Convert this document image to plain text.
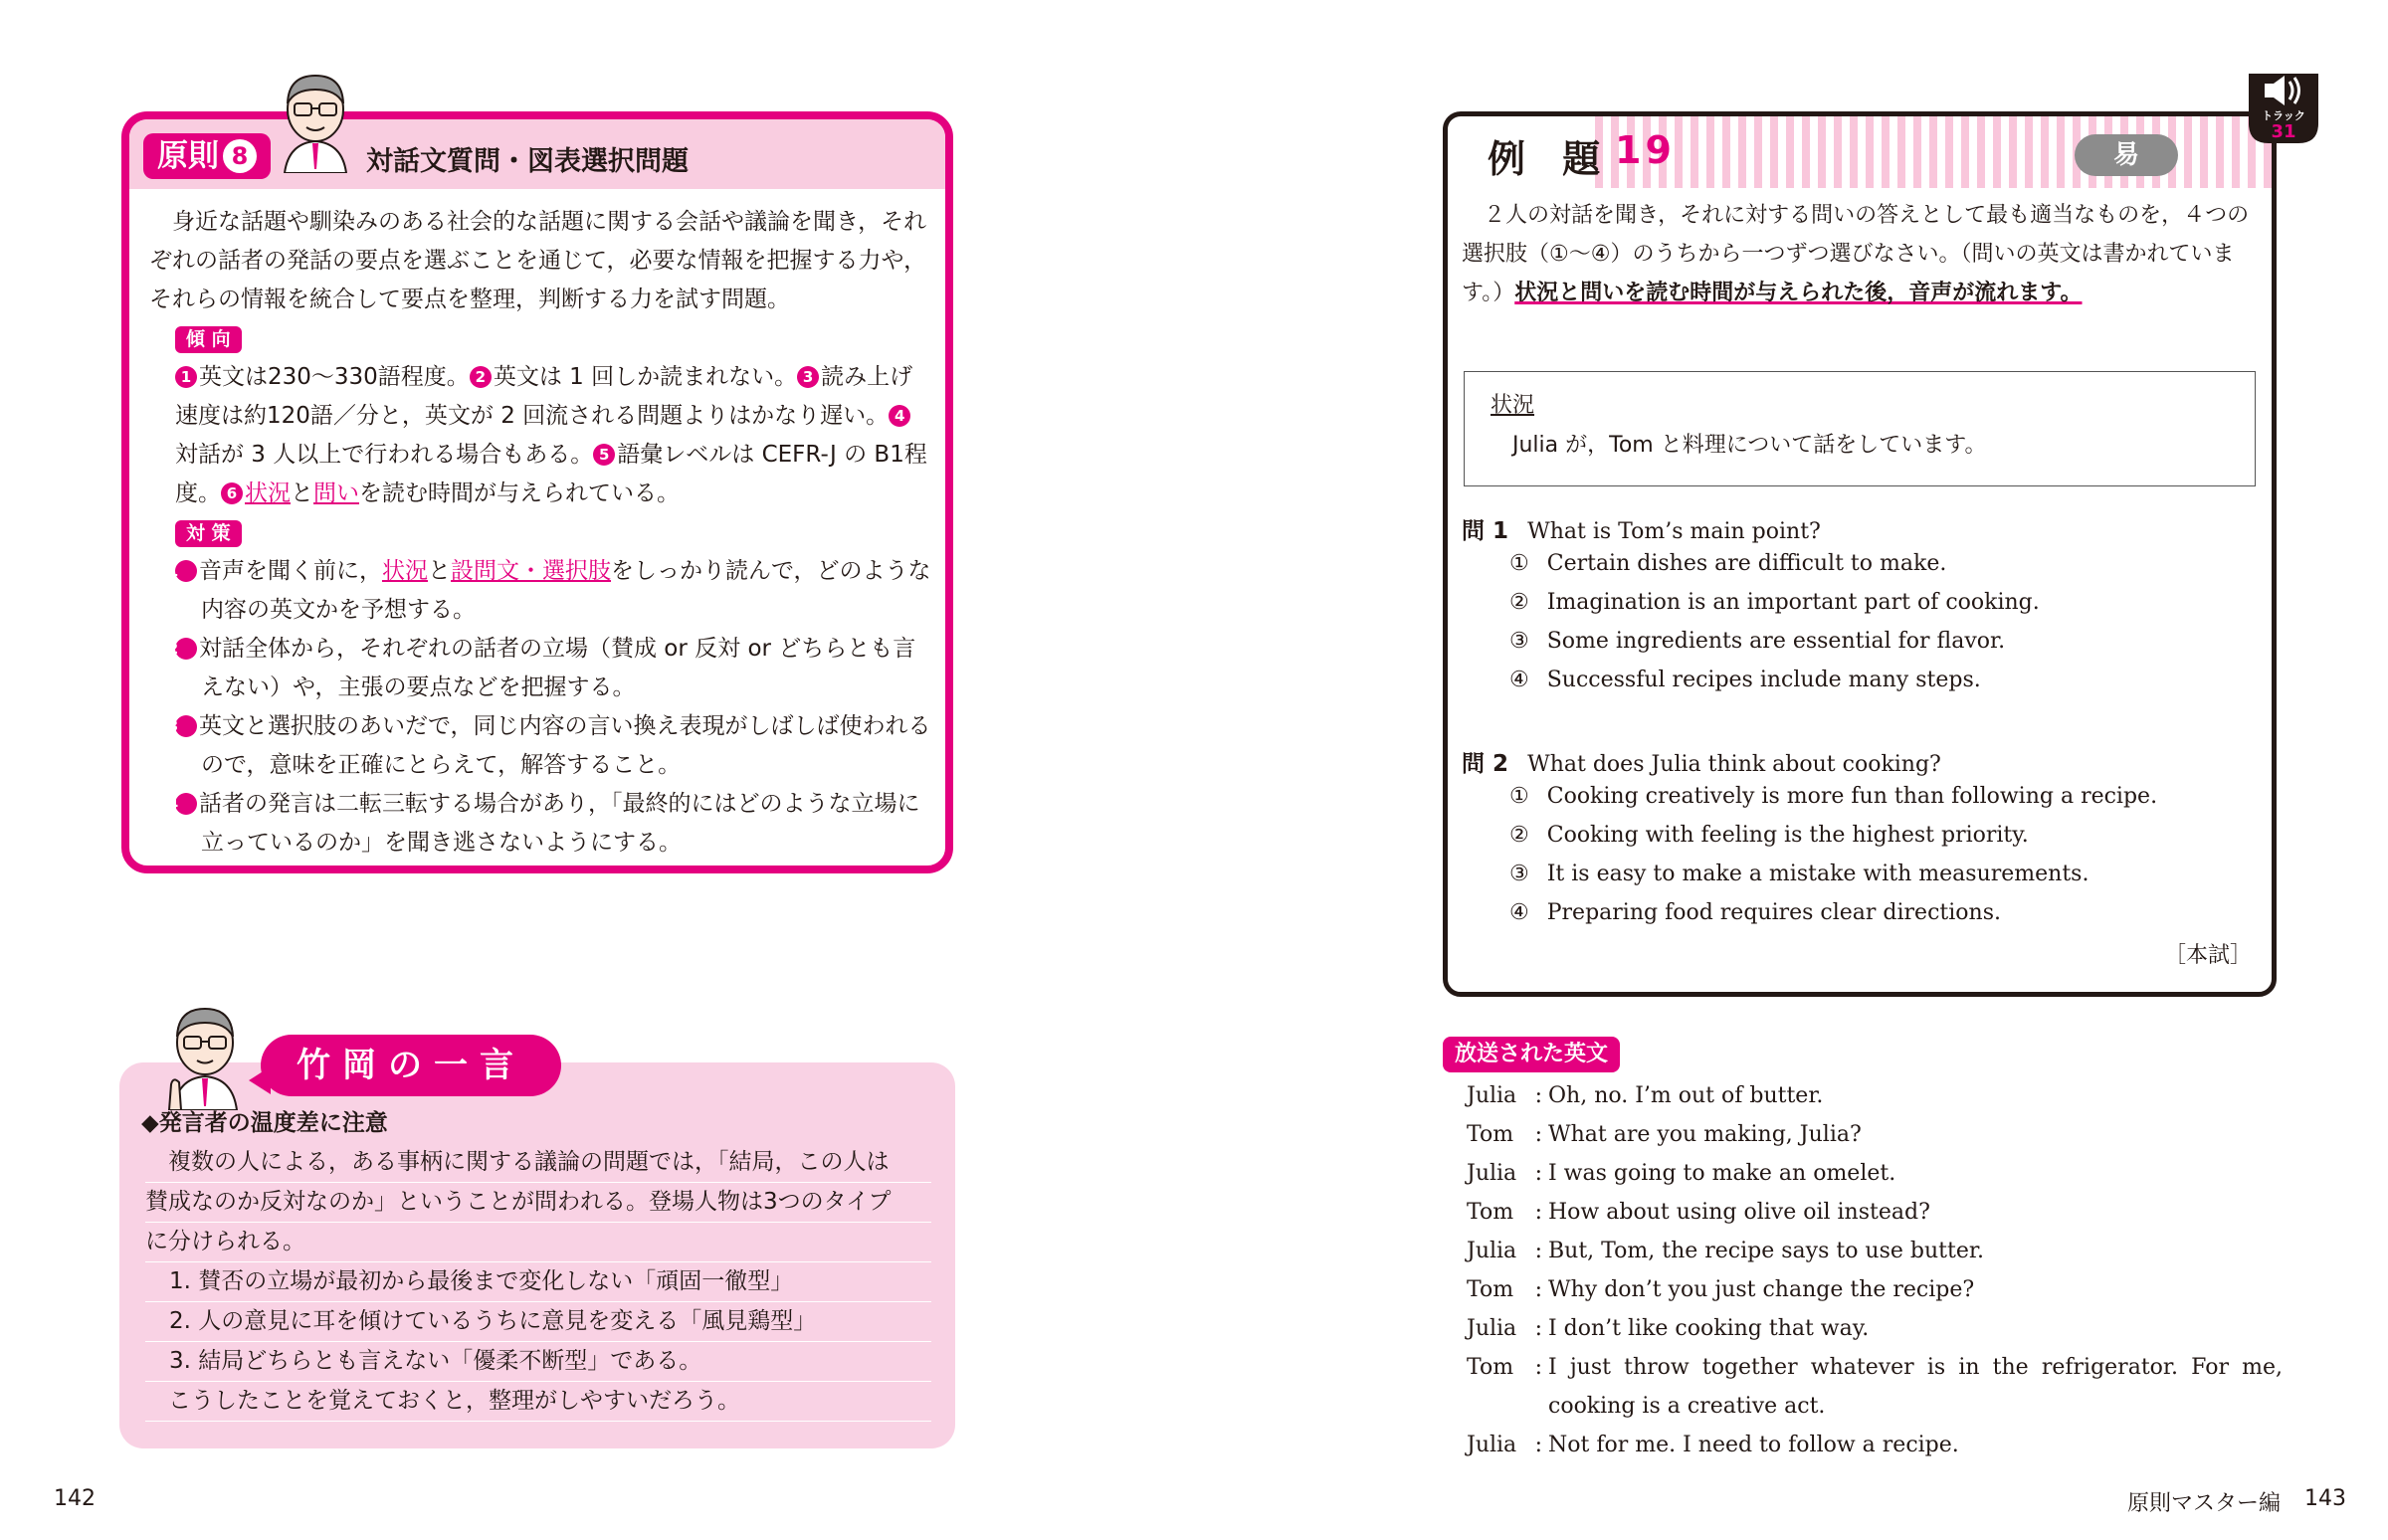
原則 8	対話文質問・図表選択問題

身近な話題や馴染みのある社会的な話題に関する会話や議論を聞き，それぞれの話者の発話の要点を選ぶことを通じて，必要な情報を把握する力や，それらの情報を統合して要点を整理，判断する力を試す問題。

傾 向

1 英文は230～330語程度。 2 英文は 1 回しか読まれない。 3 読み上げ速度は約120語／分と，英文が 2 回流される問題よりはかなり遅い。 4対話が 3 人以上で行われる場合もある。 5 語彙レベルは CEFR-J の B1程度。 6 状況と問いを読む時間が与えられている。

対 策

1 音声を聞く前に，状況と設問文・選択肢をしっかり読んで，どのような内容の英文かを予想する。

2 対話全体から，それぞれの話者の立場（賛成 or 反対 or どちらとも言えない）や，主張の要点などを把握する。

3 英文と選択肢のあいだで，同じ内容の言い換え表現がしばしば使われるので，意味を正確にとらえて，解答すること。

4 話者の発言は二転三転する場合があり，「最終的にはどのような立場に立っているのか」を聞き逃さないようにする。

竹岡の一言
◆発言者の温度差に注意
複数の人による，ある事柄に関する議論の問題では，「結局，この人は
賛成なのか反対なのか」ということが問われる。登場人物は3つのタイプ
に分けられる。
1. 賛否の立場が最初から最後まで変化しない「頑固一徹型」
2. 人の意見に耳を傾けているうちに意見を変える「風見鶏型」
3. 結局どちらとも言えない「優柔不断型」である。
こうしたことを覚えておくと，整理がしやすいだろう。
142
例 題 19	易

２人の対話を聞き，それに対する問いの答えとして最も適当なものを，４つの選択肢（①～④）のうちから一つずつ選びなさい。（問いの英文は書かれています。）状況と問いを読む時間が与えられた後，音声が流れます。

状況
Julia が，Tom と料理について話をしています。
問 1 What is Tom’s main point?
① Certain dishes are difficult to make.
② Imagination is an important part of cooking.
③ Some ingredients are essential for flavor.
④ Successful recipes include many steps.
問 2 What does Julia think about cooking?
① Cooking creatively is more fun than following a recipe.
② Cooking with feeling is the highest priority.
③ It is easy to make a mistake with measurements.
④ Preparing food requires clear directions.
［本試］
トラック
31
放送された英文
Julia : Oh, no. I’m out of butter.
Tom : What are you making, Julia?
Julia : I was going to make an omelet.
Tom : How about using olive oil instead?
Julia : But, Tom, the recipe says to use butter.
Tom : Why don’t you just change the recipe?
Julia : I don’t like cooking that way.
Tom : I just throw together whatever is in the refrigerator. For me, cooking is a creative act.
Julia : Not for me. I need to follow a recipe.
原則マスター編 143
